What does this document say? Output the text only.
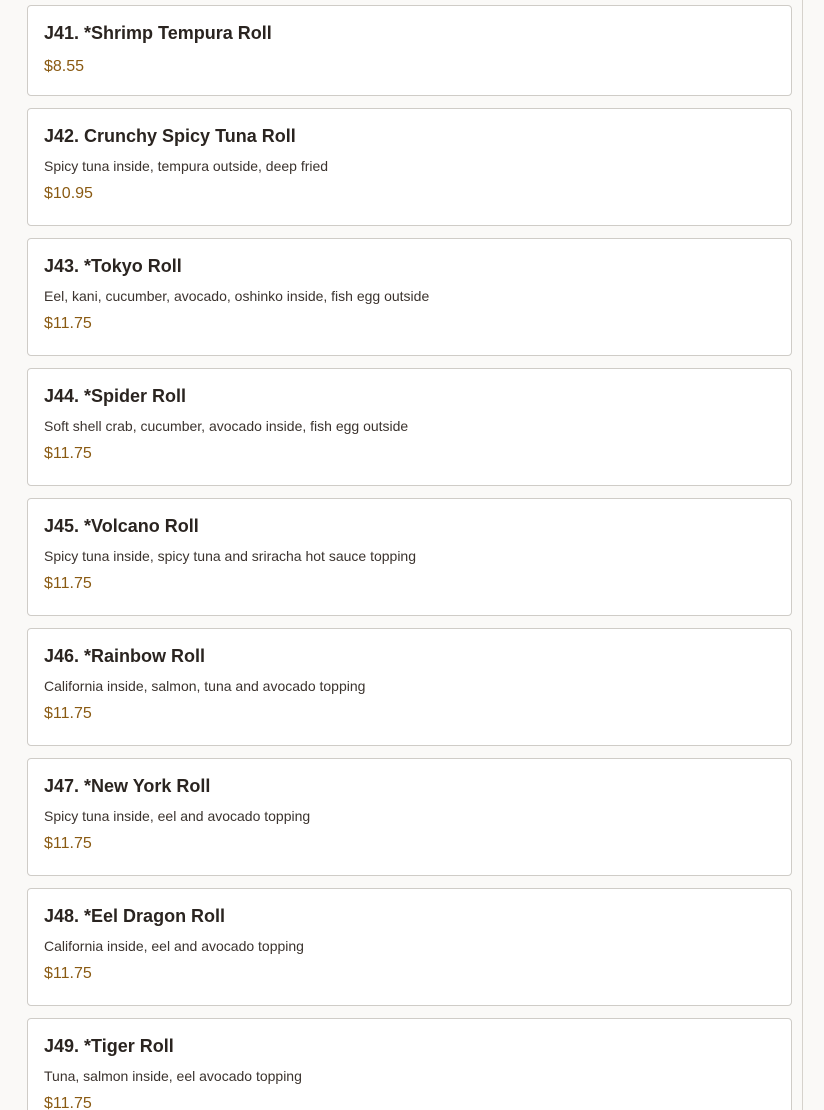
J41. *Shrimp Tempura Roll
$8.55
J42. Crunchy Spicy Tuna Roll
Spicy tuna inside, tempura outside, deep fried
$10.95
J43. *Tokyo Roll
Eel, kani, cucumber, avocado, oshinko inside, fish egg outside
$11.75
J44. *Spider Roll
Soft shell crab, cucumber, avocado inside, fish egg outside
$11.75
J45. *Volcano Roll
Spicy tuna inside, spicy tuna and sriracha hot sauce topping
$11.75
J46. *Rainbow Roll
California inside, salmon, tuna and avocado topping
$11.75
J47. *New York Roll
Spicy tuna inside, eel and avocado topping
$11.75
J48. *Eel Dragon Roll
California inside, eel and avocado topping
$11.75
J49. *Tiger Roll
Tuna, salmon inside, eel avocado topping
$11.75
